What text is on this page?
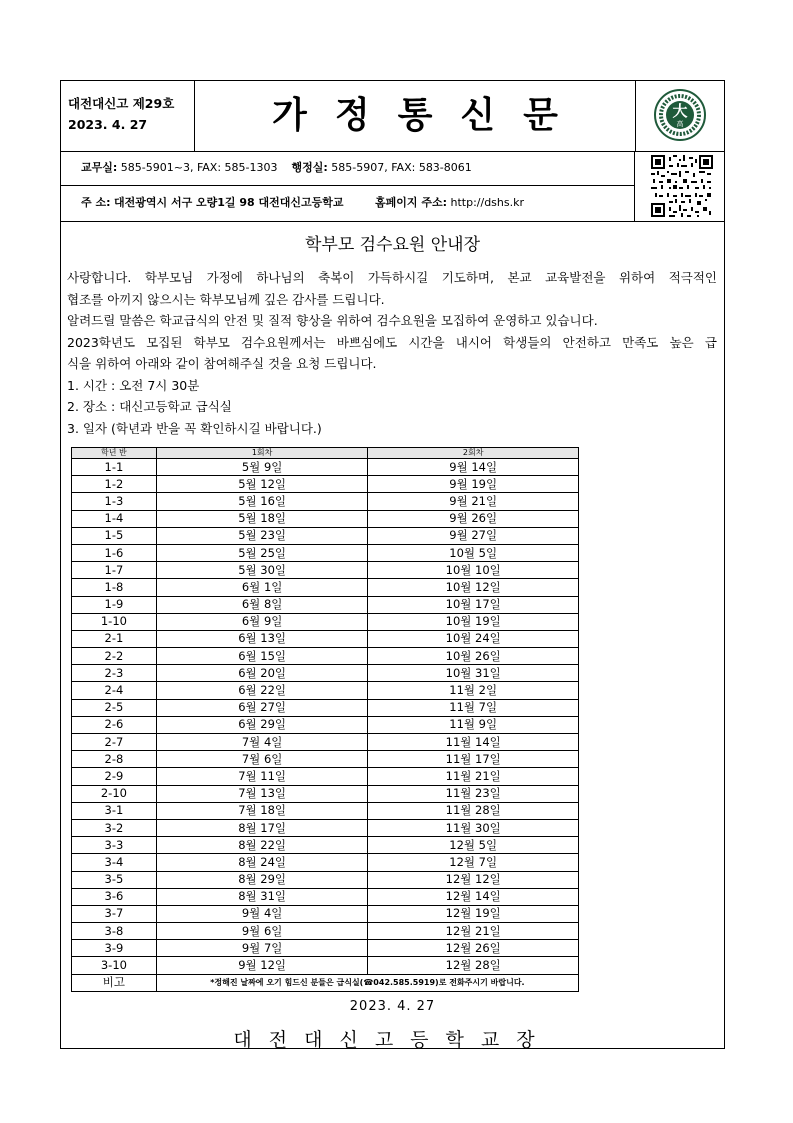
대전대신고 제29호
2023. 4. 27	가정통신문	大
高
교무실: 585-5901~3, FAX: 585-1303 행정실: 585-5907, FAX: 583-8061
주 소: 대전광역시 서구 오량1길 98 대전대신고등학교	홈페이지 주소: http://dshs.kr
학부모 검수요원 안내장
사랑합니다. 학부모님 가정에 하나님의 축복이 가득하시길 기도하며, 본교 교육발전을 위하여 적극적인
협조를 아끼지 않으시는 학부모님께 깊은 감사를 드립니다.
알려드릴 말씀은 학교급식의 안전 및 질적 향상을 위하여 검수요원을 모집하여 운영하고 있습니다.
2023학년도 모집된 학부모 검수요원께서는 바쁘심에도 시간을 내시어 학생들의 안전하고 만족도 높은 급
식을 위하여 아래와 같이 참여해주실 것을 요청 드립니다.
1. 시간 : 오전 7시 30분
2. 장소 : 대신고등학교 급식실
3. 일자 (학년과 반을 꼭 확인하시길 바랍니다.)
학년 반	1회차	2회차
1-1	5월 9일	9월 14일
1-2	5월 12일	9월 19일
1-3	5월 16일	9월 21일
1-4	5월 18일	9월 26일
1-5	5월 23일	9월 27일
1-6	5월 25일	10월 5일
1-7	5월 30일	10월 10일
1-8	6월 1일	10월 12일
1-9	6월 8일	10월 17일
1-10	6월 9일	10월 19일
2-1	6월 13일	10월 24일
2-2	6월 15일	10월 26일
2-3	6월 20일	10월 31일
2-4	6월 22일	11월 2일
2-5	6월 27일	11월 7일
2-6	6월 29일	11월 9일
2-7	7월 4일	11월 14일
2-8	7월 6일	11월 17일
2-9	7월 11일	11월 21일
2-10	7월 13일	11월 23일
3-1	7월 18일	11월 28일
3-2	8월 17일	11월 30일
3-3	8월 22일	12월 5일
3-4	8월 24일	12월 7일
3-5	8월 29일	12월 12일
3-6	8월 31일	12월 14일
3-7	9월 4일	12월 19일
3-8	9월 6일	12월 21일
3-9	9월 7일	12월 26일
3-10	9월 12일	12월 28일
비고	*정해진 날짜에 오기 힘드신 분들은 급식실(☎042.585.5919)로 전화주시기 바랍니다.	
2023. 4. 27
대전대신고등학교장
